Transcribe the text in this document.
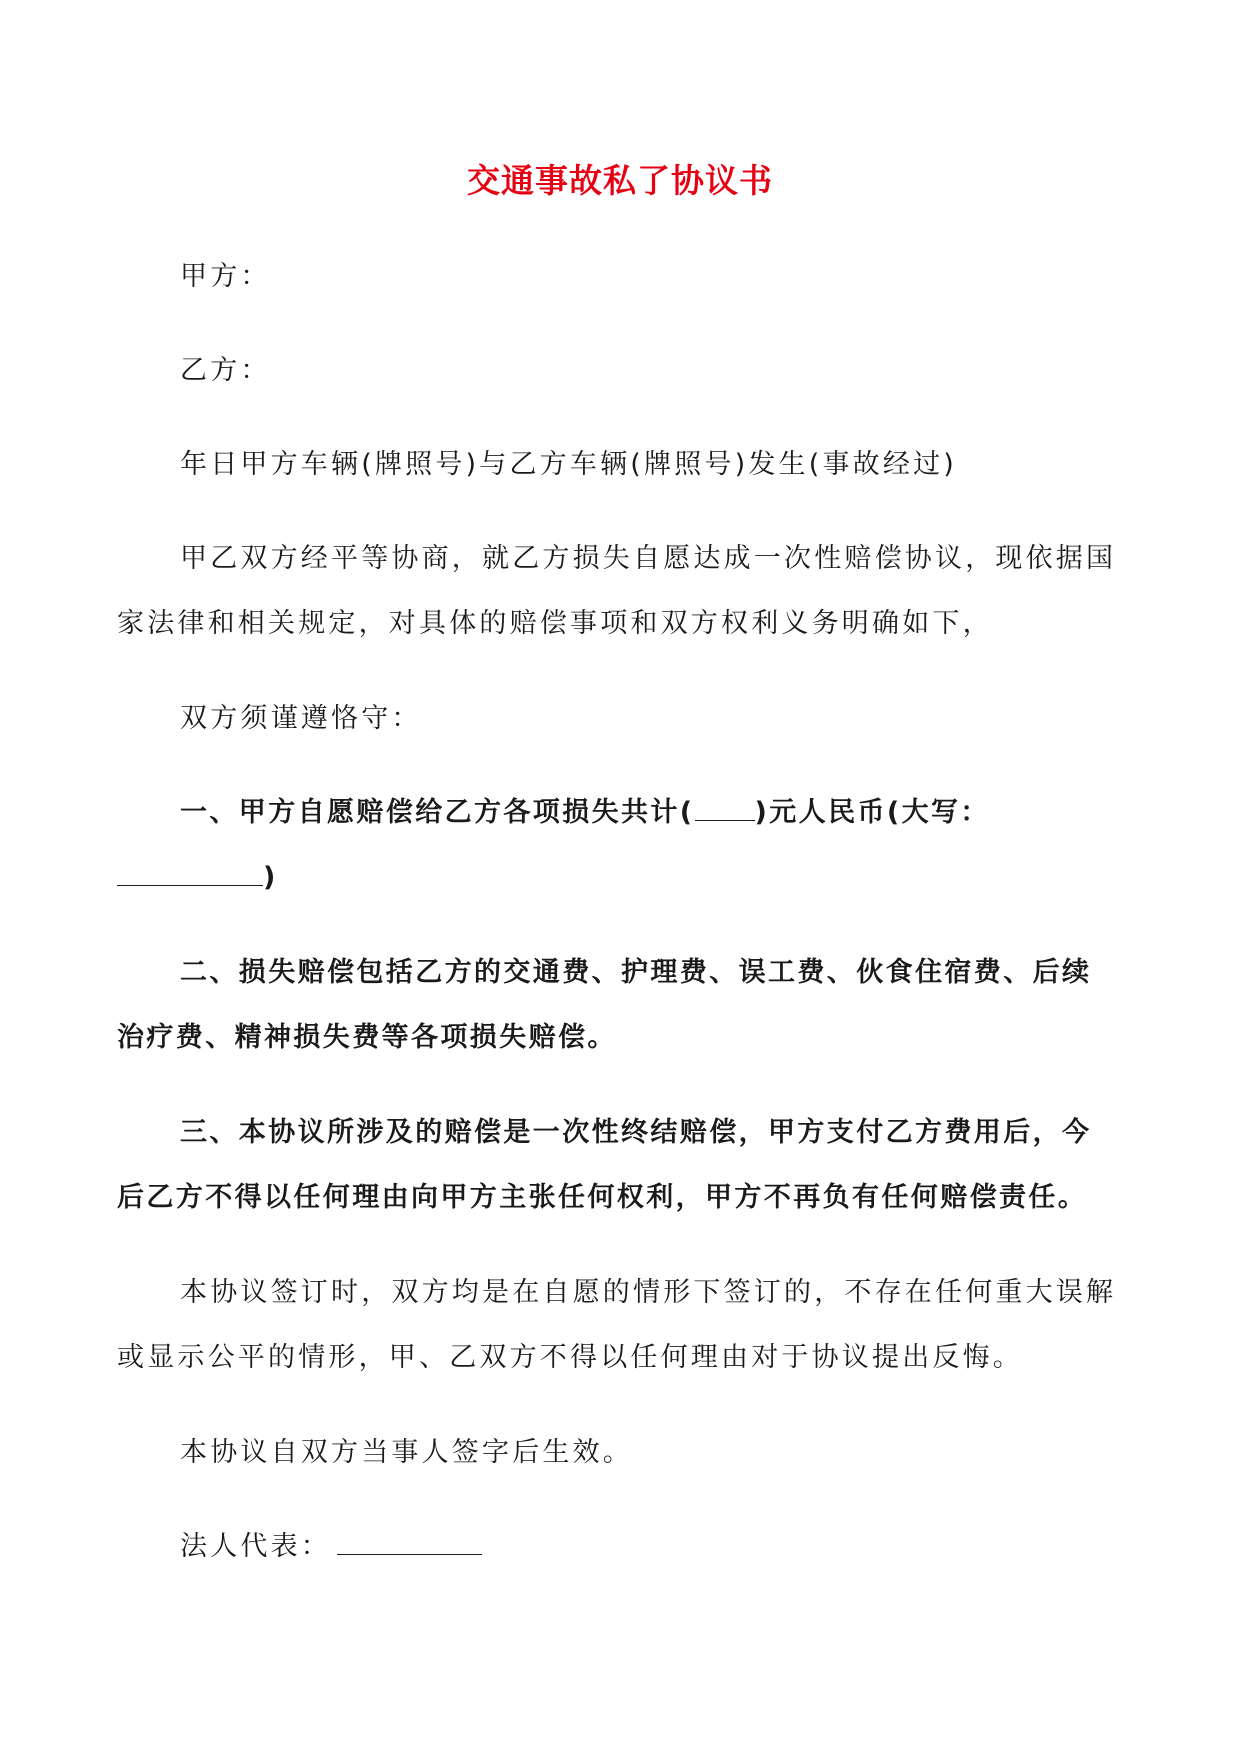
交通事故私了协议书

甲方：

乙方：

年日甲方车辆(牌照号)与乙方车辆(牌照号)发生(事故经过)

甲乙双方经平等协商，就乙方损失自愿达成一次性赔偿协议，现依据国家法律和相关规定，对具体的赔偿事项和双方权利义务明确如下，

双方须谨遵恪守：

一、甲方自愿赔偿给乙方各项损失共计( )元人民币(大写：)

二、损失赔偿包括乙方的交通费、护理费、误工费、伙食住宿费、后续治疗费、精神损失费等各项损失赔偿。

三、本协议所涉及的赔偿是一次性终结赔偿，甲方支付乙方费用后，今后乙方不得以任何理由向甲方主张任何权利，甲方不再负有任何赔偿责任。

本协议签订时，双方均是在自愿的情形下签订的，不存在任何重大误解或显示公平的情形，甲、乙双方不得以任何理由对于协议提出反悔。

本协议自双方当事人签字后生效。

法人代表：
